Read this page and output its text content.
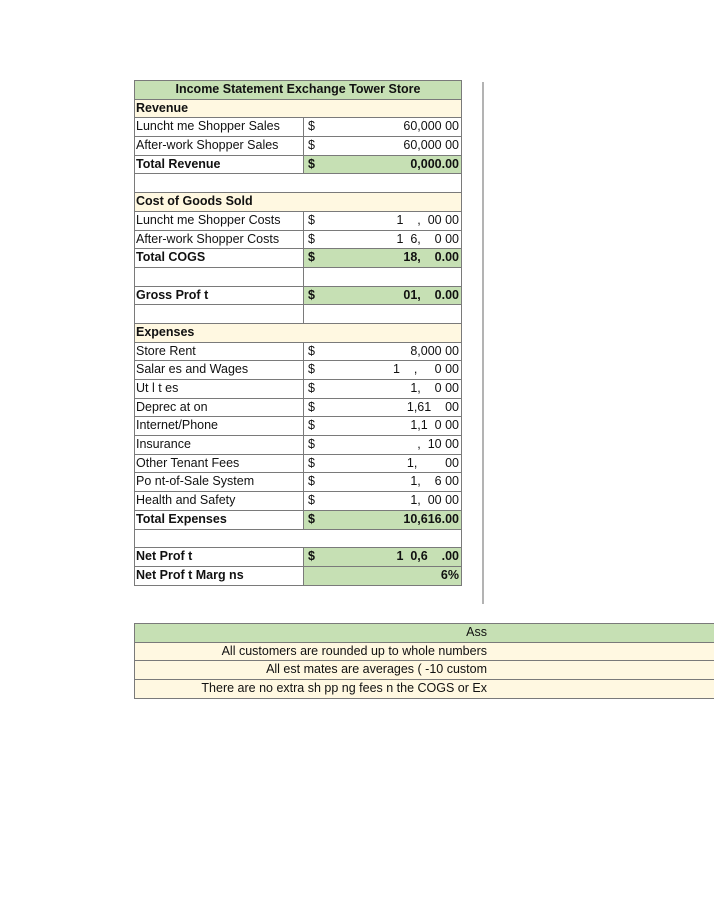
Income Statement Exchange Tower Store
Revenue
Luncht me Shopper Sales	$	60,000 00
After-work Shopper Sales	$	60,000 00
Total Revenue	$	0,000.00
Cost of Goods Sold
Luncht me Shopper Costs	$	1    ,  00 00
After-work Shopper Costs	$	1  6,    0 00
Total COGS	$	18,    0.00
Gross Prof t	$	01,    0.00
Expenses
Store Rent	$	8,000 00
Salar es and Wages	$	1    ,     0 00
Ut l t es	$	1,    0 00
Deprec at on	$	1,61    00
Internet/Phone	$	1,1  0 00
Insurance	$	,  10 00
Other Tenant Fees	$	1,        00
Po nt-of-Sale System	$	1,    6 00
Health and Safety	$	1,  00 00
Total Expenses	$	10,616.00
Net Prof t	$	1  0,6    .00
Net Prof t Marg ns	6%
Ass
All customers are rounded up to whole numbers
All est mates are averages ( -10 custom
There are no extra sh pp ng fees n the COGS or Ex
